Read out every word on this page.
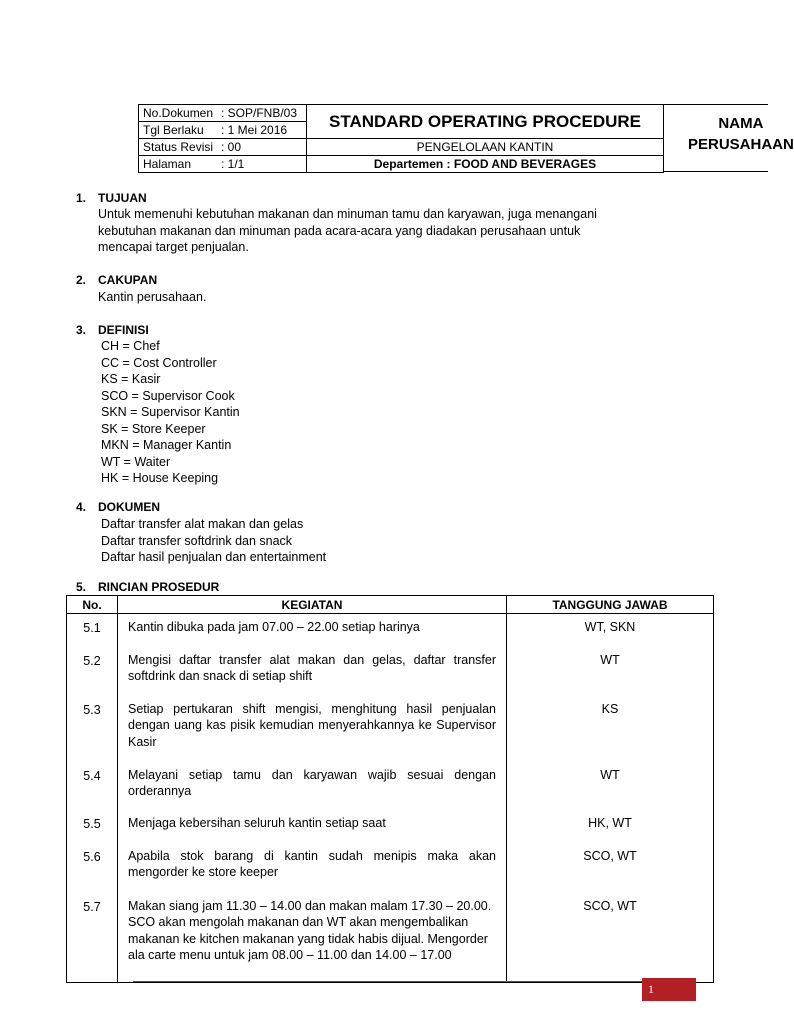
No.Dokumen : SOP/FNB/03	STANDARD OPERATING PROCEDURE
Tgl Berlaku : 1 Mei 2016	
Status Revisi : 00	PENGELOLAAN KANTIN
Halaman : 1/1	Departemen : FOOD AND BEVERAGES
NAMA
PERUSAHAAN
1. TUJUAN
Untuk memenuhi kebutuhan makanan dan minuman tamu dan karyawan, juga menangani
kebutuhan makanan dan minuman pada acara-acara yang diadakan perusahaan untuk
mencapai target penjualan.
2. CAKUPAN
Kantin perusahaan.
3. DEFINISI
CH = Chef
CC = Cost Controller
KS = Kasir
SCO = Supervisor Cook
SKN = Supervisor Kantin
SK = Store Keeper
MKN = Manager Kantin
WT = Waiter
HK = House Keeping
4. DOKUMEN
Daftar transfer alat makan dan gelas
Daftar transfer softdrink dan snack
Daftar hasil penjualan dan entertainment
5. RINCIAN PROSEDUR
No.	KEGIATAN	TANGGUNG JAWAB
5.1	Kantin dibuka pada jam 07.00 – 22.00 setiap harinya	WT, SKN
5.2	Mengisi daftar transfer alat makan dan gelas, daftar transfer softdrink dan snack di setiap shift	WT
5.3	Setiap pertukaran shift mengisi, menghitung hasil penjualan dengan uang kas pisik kemudian menyerahkannya ke Supervisor Kasir	KS
5.4	Melayani setiap tamu dan karyawan wajib sesuai dengan orderannya	WT
5.5	Menjaga kebersihan seluruh kantin setiap saat	HK, WT
5.6	Apabila stok barang di kantin sudah menipis maka akan mengorder ke store keeper	SCO, WT
5.7	Makan siang jam 11.30 – 14.00 dan makan malam 17.30 – 20.00. SCO akan mengolah makanan dan WT akan mengembalikan makanan ke kitchen makanan yang tidak habis dijual. Mengorder ala carte menu untuk jam 08.00 – 11.00 dan 14.00 – 17.00	SCO, WT
1
